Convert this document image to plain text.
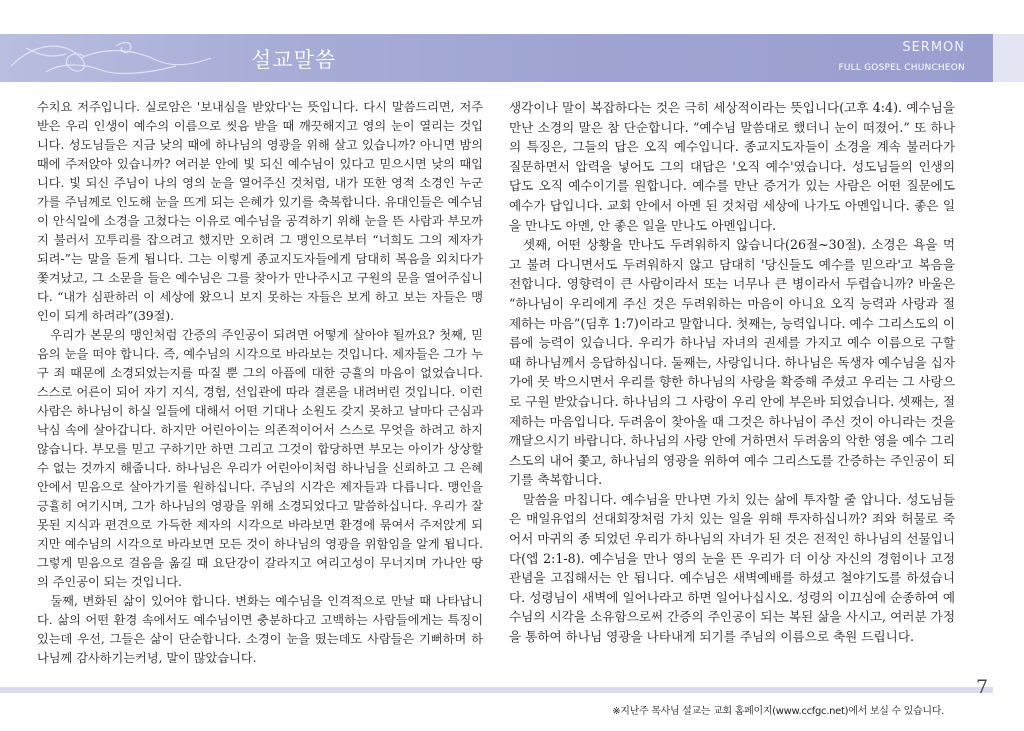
설교말씀
SERMON
FULL GOSPEL CHUNCHEON

수치요 저주입니다. 실로암은 '보내심을 받았다'는 뜻입니다. 다시 말씀드리면, 저주받은 우리 인생이 예수의 이름으로 씻음 받을 때 깨끗해지고 영의 눈이 열리는 것입니다. 성도님들은 지금 낮의 때에 하나님의 영광을 위해 살고 있습니까? 아니면 밤의 때에 주저앉아 있습니까? 여러분 안에 빛 되신 예수님이 있다고 믿으시면 낮의 때입니다. 빛 되신 주님이 나의 영의 눈을 열어주신 것처럼, 내가 또한 영적 소경인 누군가를 주님께로 인도해 눈을 뜨게 되는 은혜가 있기를 축복합니다. 유대인들은 예수님이 안식일에 소경을 고쳤다는 이유로 예수님을 공격하기 위해 눈을 뜬 사람과 부모까지 불러서 꼬투리를 잡으려고 했지만 오히려 그 맹인으로부터 “너희도 그의 제자가 되려-”는 말을 듣게 됩니다. 그는 이렇게 종교지도자들에게 담대히 복음을 외치다가 쫓겨났고, 그 소문을 들은 예수님은 그를 찾아가 만나주시고 구원의 문을 열어주십니다. “내가 심판하러 이 세상에 왔으니 보지 못하는 자들은 보게 하고 보는 자들은 맹인이 되게 하려라”(39절).

우리가 본문의 맹인처럼 간증의 주인공이 되려면 어떻게 살아야 될까요? 첫째, 믿음의 눈을 떠야 합니다. 즉, 예수님의 시각으로 바라보는 것입니다. 제자들은 그가 누구 죄 때문에 소경되었는지를 따질 뿐 그의 아픔에 대한 긍휼의 마음이 없었습니다. 스스로 어른이 되어 자기 지식, 경험, 선입관에 따라 결론을 내려버린 것입니다. 이런 사람은 하나님이 하실 일들에 대해서 어떤 기대나 소원도 갖지 못하고 날마다 근심과 낙심 속에 살아갑니다. 하지만 어린아이는 의존적이어서 스스로 무엇을 하려고 하지 않습니다. 부모를 믿고 구하기만 하면 그리고 그것이 합당하면 부모는 아이가 상상할 수 없는 것까지 해줍니다. 하나님은 우리가 어린아이처럼 하나님을 신뢰하고 그 은혜 안에서 믿음으로 살아가기를 원하십니다. 주님의 시각은 제자들과 다릅니다. 맹인을 긍휼히 여기시며, 그가 하나님의 영광을 위해 소경되었다고 말씀하십니다. 우리가 잘못된 지식과 편견으로 가득한 제자의 시각으로 바라보면 환경에 묶여서 주저앉게 되지만 예수님의 시각으로 바라보면 모든 것이 하나님의 영광을 위함임을 알게 됩니다. 그렇게 믿음으로 걸음을 옮길 때 요단강이 갈라지고 여리고성이 무너지며 가나안 땅의 주인공이 되는 것입니다.

둘째, 변화된 삶이 있어야 합니다. 변화는 예수님을 인격적으로 만날 때 나타납니다. 삶의 어떤 환경 속에서도 예수님이면 충분하다고 고백하는 사람들에게는 특징이 있는데 우선, 그들은 삶이 단순합니다. 소경이 눈을 떴는데도 사람들은 기뻐하며 하나님께 감사하기는커녕, 말이 많았습니다.

생각이나 말이 복잡하다는 것은 극히 세상적이라는 뜻입니다(고후 4:4). 예수님을 만난 소경의 말은 참 단순합니다. “예수님 말씀대로 했더니 눈이 떠졌어.” 또 하나의 특징은, 그들의 답은 오직 예수입니다. 종교지도자들이 소경을 계속 불러다가 질문하면서 압력을 넣어도 그의 대답은 '오직 예수'였습니다. 성도님들의 인생의 답도 오직 예수이기를 원합니다. 예수를 만난 증거가 있는 사람은 어떤 질문에도 예수가 답입니다. 교회 안에서 아멘 된 것처럼 세상에 나가도 아멘입니다. 좋은 일을 만나도 아멘, 안 좋은 일을 만나도 아멘입니다.

셋째, 어떤 상황을 만나도 두려워하지 않습니다(26절~30절). 소경은 욕을 먹고 불려 다니면서도 두려워하지 않고 담대히 '당신들도 예수를 믿으라'고 복음을 전합니다. 영향력이 큰 사람이라서 또는 너무나 큰 병이라서 두렵습니까? 바울은 “하나님이 우리에게 주신 것은 두려워하는 마음이 아니요 오직 능력과 사랑과 절제하는 마음”(딤후 1:7)이라고 말합니다. 첫째는, 능력입니다. 예수 그리스도의 이름에 능력이 있습니다. 우리가 하나님 자녀의 권세를 가지고 예수 이름으로 구할 때 하나님께서 응답하십니다. 둘째는, 사랑입니다. 하나님은 독생자 예수님을 십자가에 못 박으시면서 우리를 향한 하나님의 사랑을 확증해 주셨고 우리는 그 사랑으로 구원 받았습니다. 하나님의 그 사랑이 우리 안에 부은바 되었습니다. 셋째는, 절제하는 마음입니다. 두려움이 찾아올 때 그것은 하나님이 주신 것이 아니라는 것을 깨달으시기 바랍니다. 하나님의 사랑 안에 거하면서 두려움의 악한 영을 예수 그리스도의 내어 쫓고, 하나님의 영광을 위하여 예수 그리스도를 간증하는 주인공이 되기를 축복합니다.

말씀을 마칩니다. 예수님을 만나면 가치 있는 삶에 투자할 줄 압니다. 성도님들은 매일유업의 선대회장처럼 가치 있는 일을 위해 투자하십니까? 죄와 허물로 죽어서 마귀의 종 되었던 우리가 하나님의 자녀가 된 것은 전적인 하나님의 선물입니다(엡 2:1-8). 예수님을 만나 영의 눈을 뜬 우리가 더 이상 자신의 경험이나 고정관념을 고집해서는 안 됩니다. 예수님은 새벽예배를 하셨고 철야기도를 하셨습니다. 성령님이 새벽에 일어나라고 하면 일어나십시오. 성령의 이끄심에 순종하여 예수님의 시각을 소유함으로써 간증의 주인공이 되는 복된 삶을 사시고, 여러분 가정을 통하여 하나님 영광을 나타내게 되기를 주님의 이름으로 축원 드립니다.

7
※지난주 목사님 설교는 교회 홈페이지(www.ccfgc.net)에서 보실 수 있습니다.
